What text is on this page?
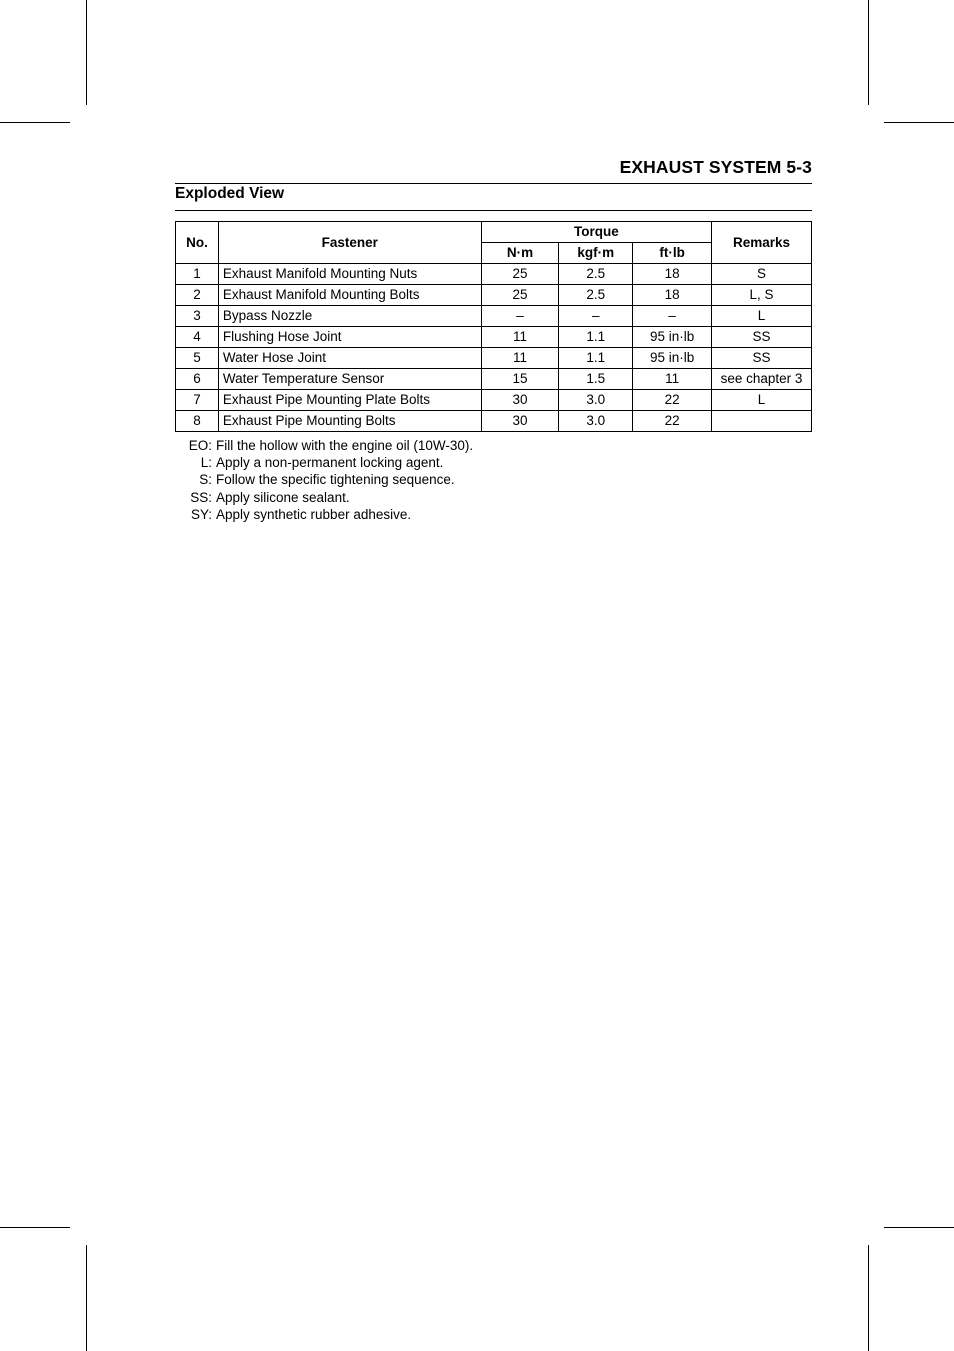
EXHAUST SYSTEM 5-3
Exploded View
No.	Fastener	Torque			Remarks
		N·m	kgf·m	ft·lb	
1	Exhaust Manifold Mounting Nuts	25	2.5	18	S
2	Exhaust Manifold Mounting Bolts	25	2.5	18	L, S
3	Bypass Nozzle	–	–	–	L
4	Flushing Hose Joint	11	1.1	95 in·lb	SS
5	Water Hose Joint	11	1.1	95 in·lb	SS
6	Water Temperature Sensor	15	1.5	11	see chapter 3
7	Exhaust Pipe Mounting Plate Bolts	30	3.0	22	L
8	Exhaust Pipe Mounting Bolts	30	3.0	22	
EO: Fill the hollow with the engine oil (10W-30).
L: Apply a non-permanent locking agent.
S: Follow the specific tightening sequence.
SS: Apply silicone sealant.
SY: Apply synthetic rubber adhesive.
